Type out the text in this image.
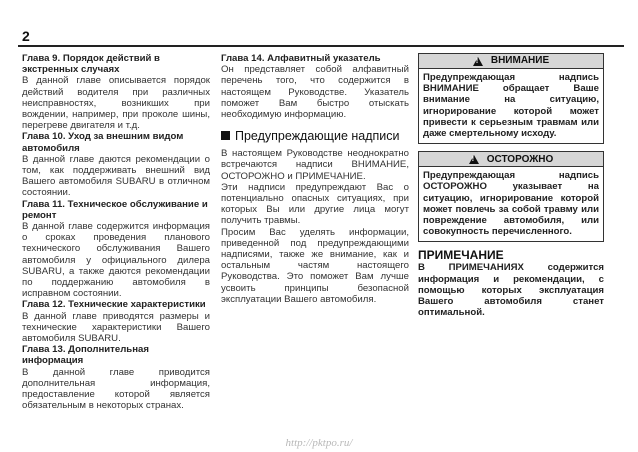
2
Глава 9. Порядок действий в экстренных случаях
В данной главе описывается порядок действий водителя при различных неисправностях, возникших при вождении, например, при проколе шины, перегреве двигателя и т.д.
Глава 10. Уход за внешним видом автомобиля
В данной главе даются рекомендации о том, как поддерживать внешний вид Вашего автомобиля SUBARU в отличном состоянии.
Глава 11. Техническое обслуживание и ремонт
В данной главе содержится информация о сроках проведения планового технического обслуживания Вашего автомобиля у официального дилера SUBARU, а также даются рекомендации по поддержанию автомобиля в исправном состоянии.
Глава 12. Технические характеристики
В данной главе приводятся размеры и технические характеристики Вашего автомобиля SUBARU.
Глава 13. Дополнительная информация
В данной главе приводится дополнительная информация, предоставление которой является обязательным в некоторых странах.
Глава 14. Алфавитный указатель
Он представляет собой алфавитный перечень того, что содержится в настоящем Руководстве. Указатель поможет Вам быстро отыскать необходимую информацию.
Предупреждающие надписи
В настоящем Руководстве неоднократно встречаются надписи ВНИМАНИЕ, ОСТОРОЖНО и ПРИМЕЧАНИЕ.
Эти надписи предупреждают Вас о потенциально опасных ситуациях, при которых Вы или другие лица могут получить травмы.
Просим Вас уделять информации, приведенной под предупреждающими надписями, также же внимание, как и остальным частям настоящего Руководства. Это поможет Вам лучше усвоить принципы безопасной эксплуатации Вашего автомобиля.
!
ВНИМАНИЕ
Предупреждающая надпись ВНИМАНИЕ обращает Ваше внимание на ситуацию, игнорирование которой может привести к серьезным травмам или даже смертельному исходу.
!
ОСТОРОЖНО
Предупреждающая надпись ОСТОРОЖНО указывает на ситуацию, игнорирование которой может повлечь за собой травму или повреждение автомобиля, или совокупность перечисленного.
ПРИМЕЧАНИЕ
В ПРИМЕЧАНИЯХ содержится информация и рекомендации, с помощью которых эксплуатация Вашего автомобиля станет оптимальной.
http://pktpo.ru/
